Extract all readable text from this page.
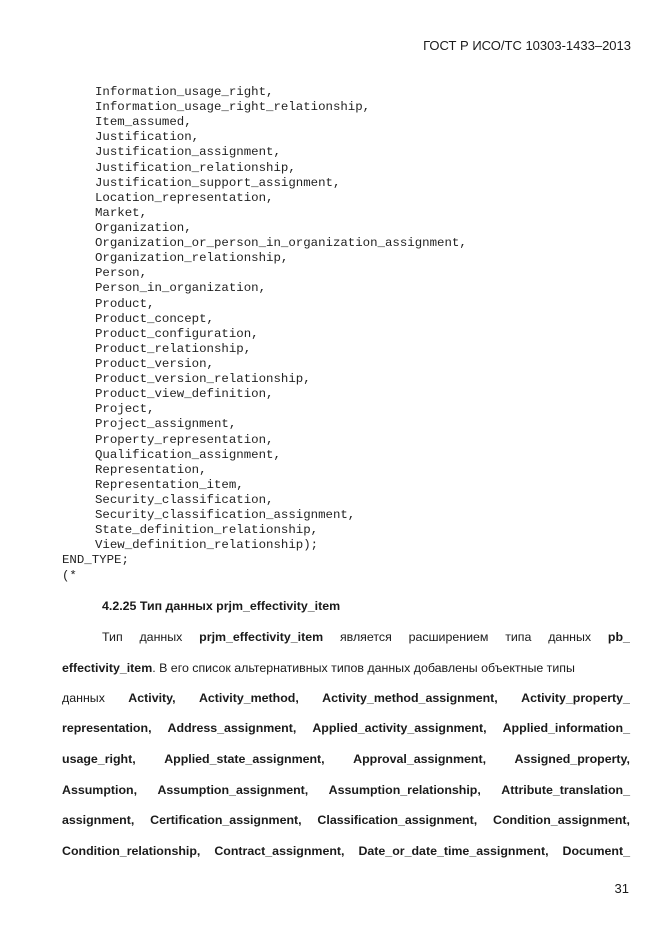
ГОСТ Р ИСО/ТС 10303-1433–2013
Information_usage_right,
Information_usage_right_relationship,
Item_assumed,
Justification,
Justification_assignment,
Justification_relationship,
Justification_support_assignment,
Location_representation,
Market,
Organization,
Organization_or_person_in_organization_assignment,
Organization_relationship,
Person,
Person_in_organization,
Product,
Product_concept,
Product_configuration,
Product_relationship,
Product_version,
Product_version_relationship,
Product_view_definition,
Project,
Project_assignment,
Property_representation,
Qualification_assignment,
Representation,
Representation_item,
Security_classification,
Security_classification_assignment,
State_definition_relationship,
View_definition_relationship);
END_TYPE;
(*
4.2.25 Тип данных prjm_effectivity_item
Тип данных prjm_effectivity_item является расширением типа данных pb_
effectivity_item. В его список альтернативных типов данных добавлены объектные типы
данных Activity, Activity_method, Activity_method_assignment, Activity_property_
representation, Address_assignment, Applied_activity_assignment, Applied_information_
usage_right, Applied_state_assignment, Approval_assignment, Assigned_property,
Assumption, Assumption_assignment, Assumption_relationship, Attribute_translation_
assignment, Certification_assignment, Classification_assignment, Condition_assignment,
Condition_relationship, Contract_assignment, Date_or_date_time_assignment, Document_
31
